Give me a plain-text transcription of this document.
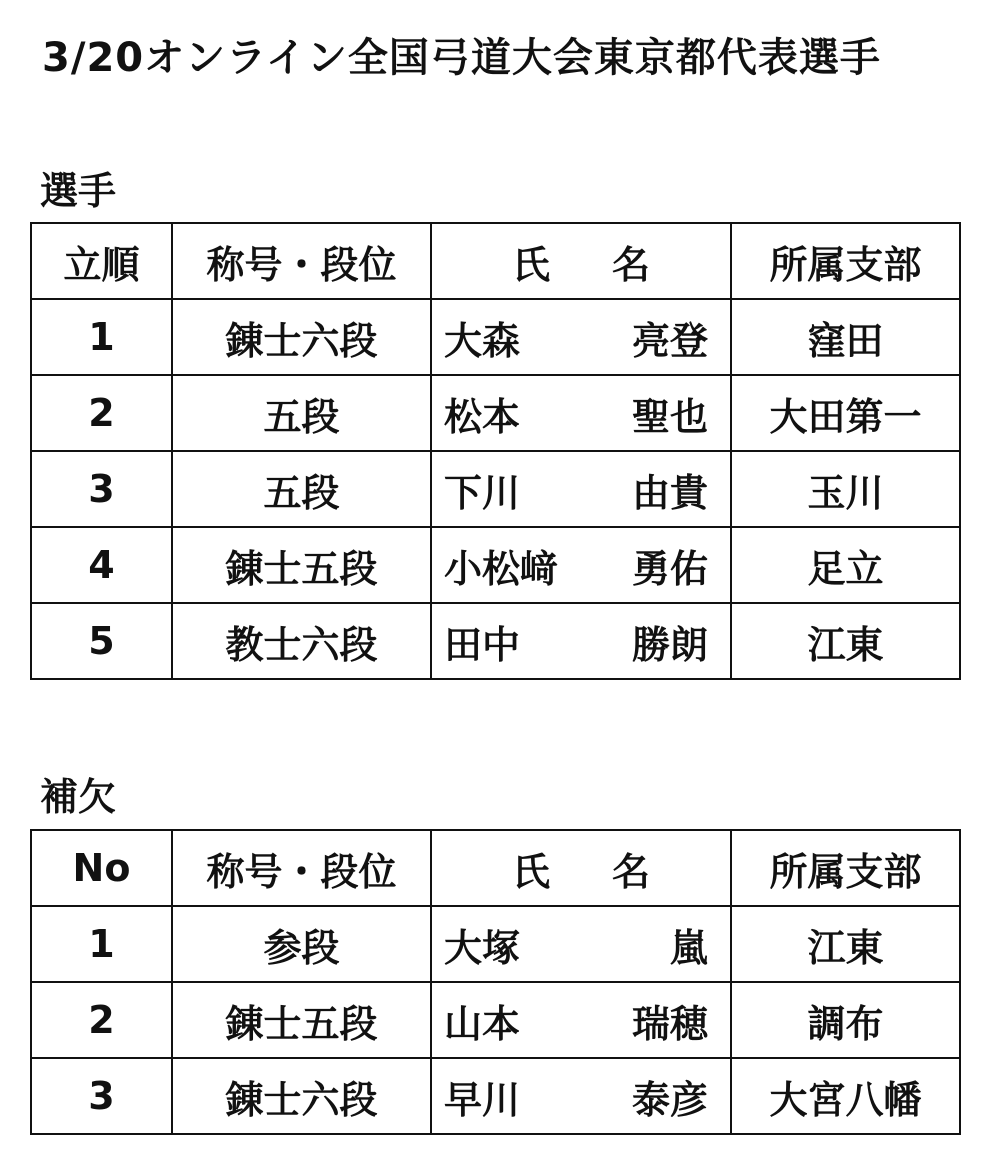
3/20オンライン全国弓道大会東京都代表選手
選手
立順	称号・段位	氏 名	所属支部
1	錬士六段	大森 亮登	窪田
2	五段	松本 聖也	大田第一
3	五段	下川 由貴	玉川
4	錬士五段	小松﨑 勇佑	足立
5	教士六段	田中 勝朗	江東
補欠
No	称号・段位	氏 名	所属支部
1	参段	大塚 嵐	江東
2	錬士五段	山本 瑞穂	調布
3	錬士六段	早川 泰彦	大宮八幡
